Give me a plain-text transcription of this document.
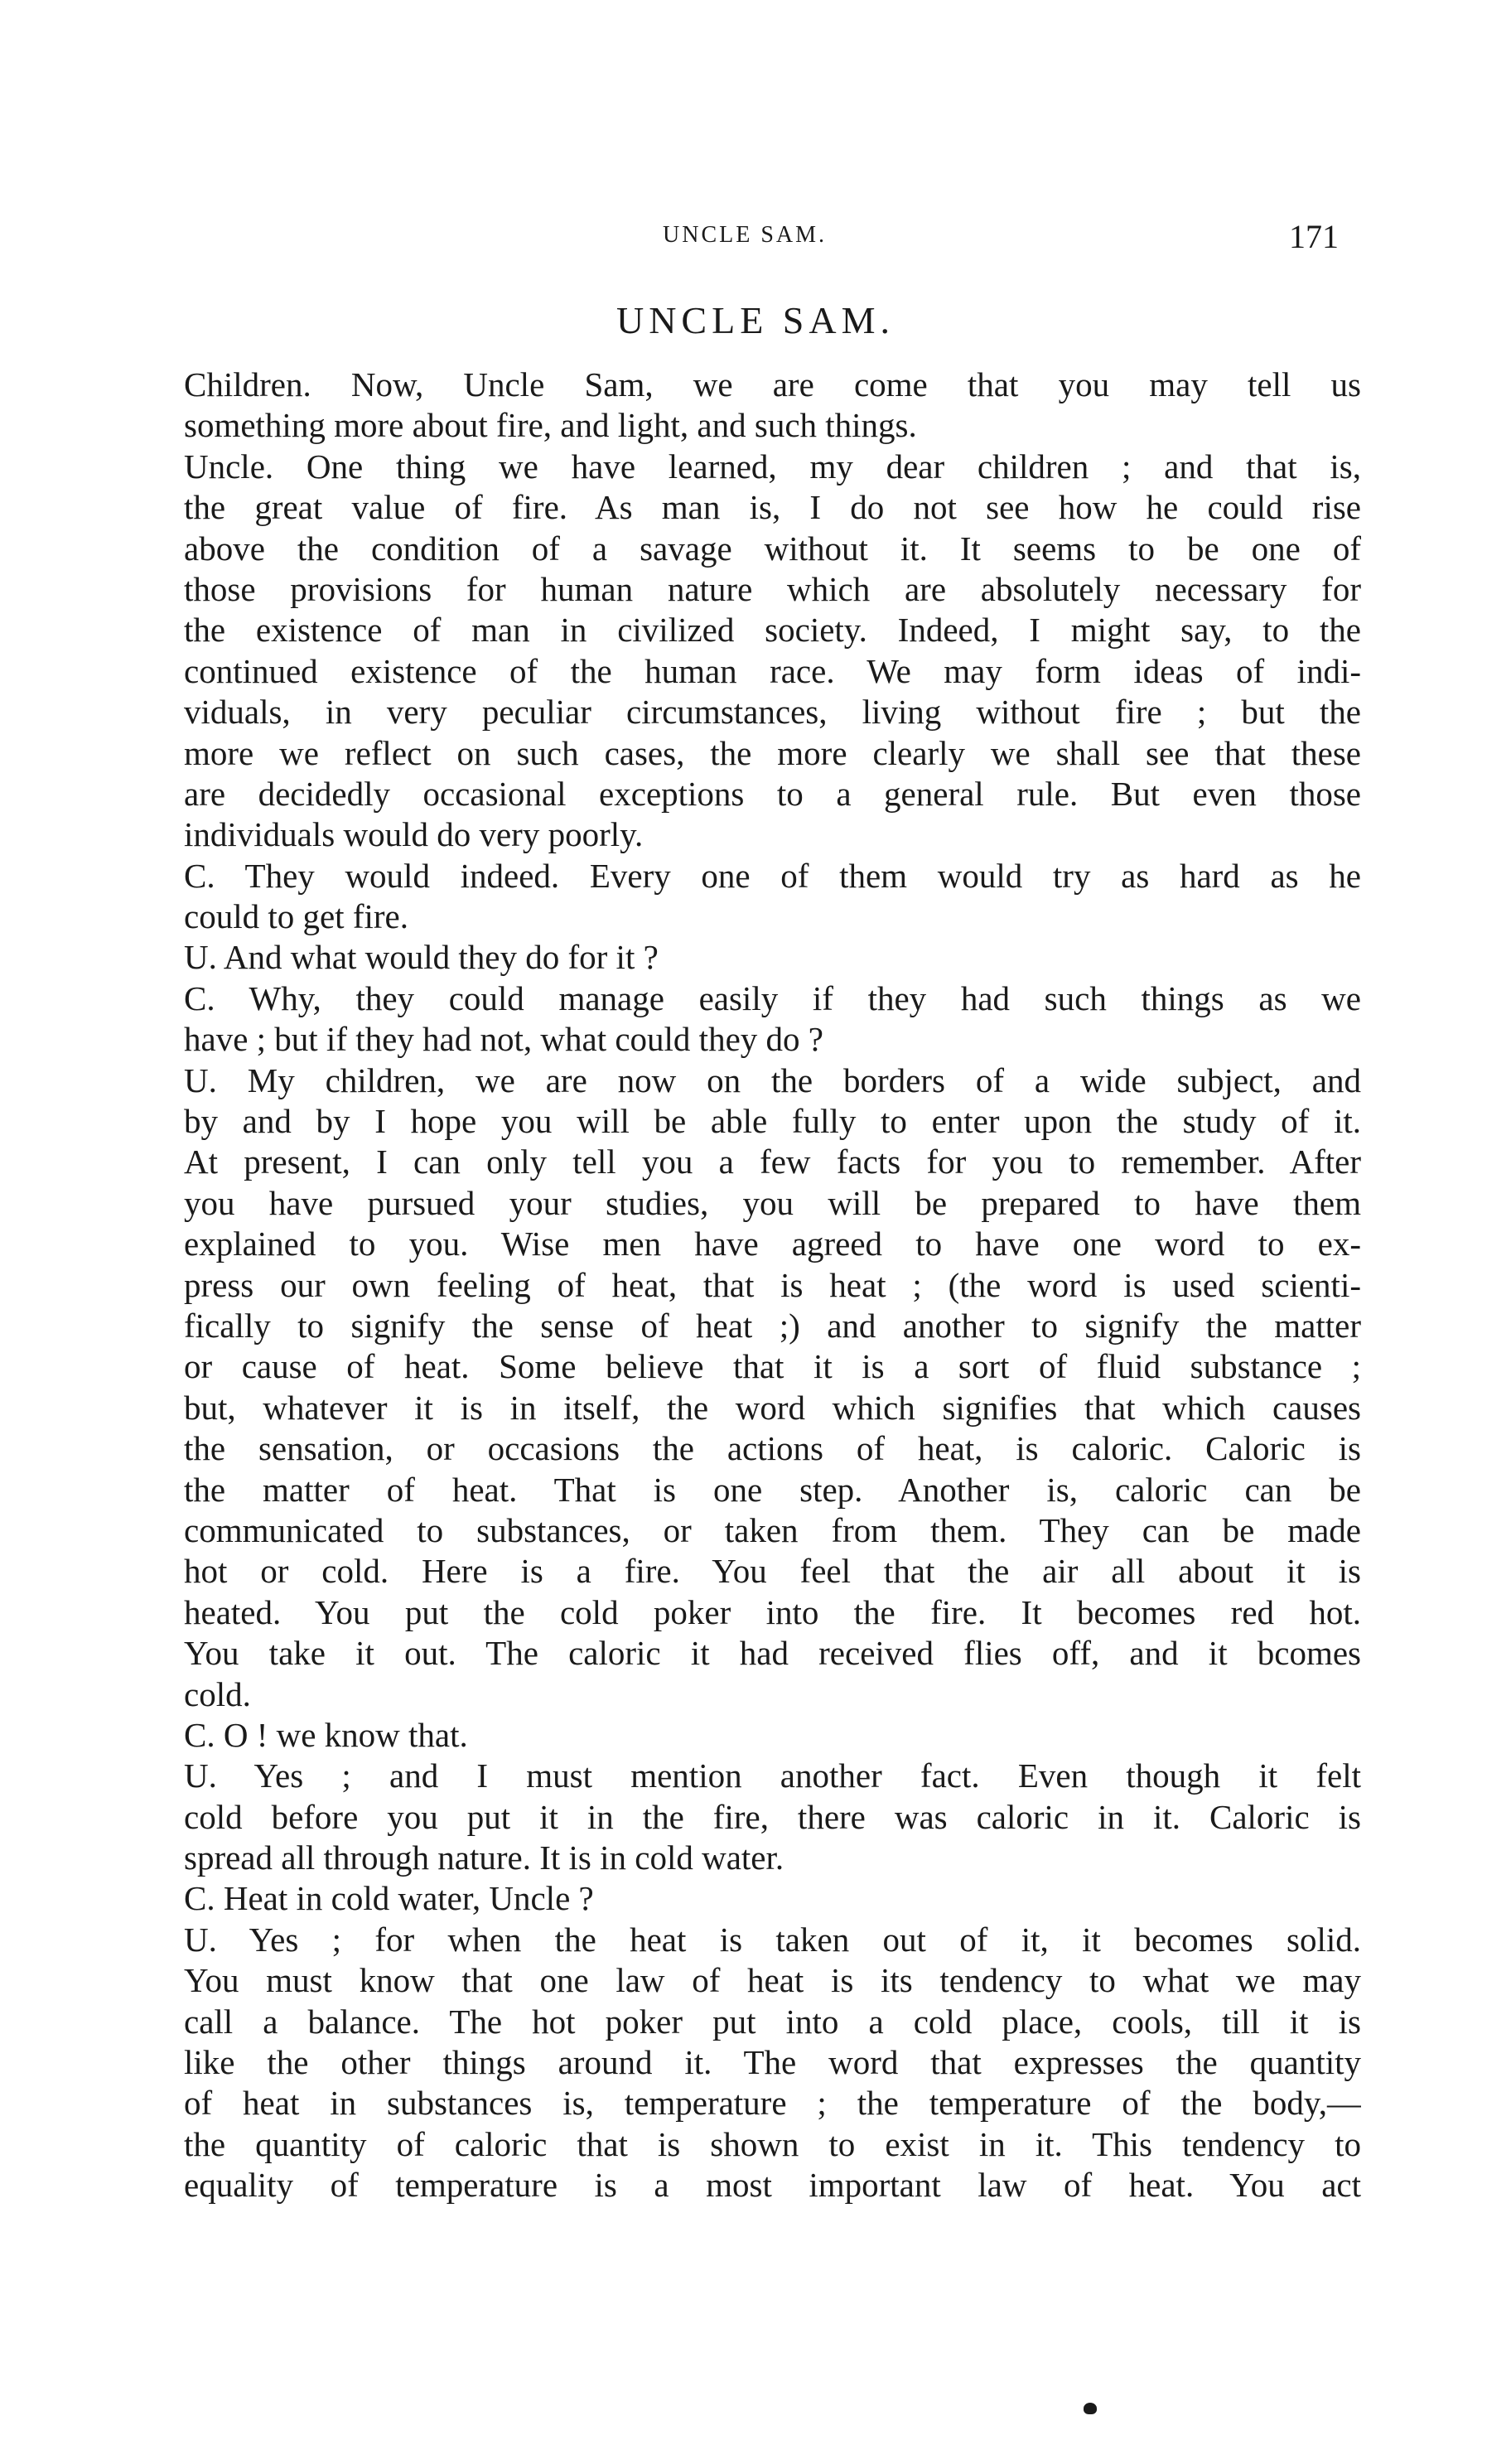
UNCLE SAM.	171
UNCLE SAM.
Children. Now, Uncle Sam, we are come that you may tell us
something more about fire, and light, and such things.
Uncle. One thing we have learned, my dear children ; and that is,
the great value of fire. As man is, I do not see how he could rise
above the condition of a savage without it. It seems to be one of
those provisions for human nature which are absolutely necessary for
the existence of man in civilized society. Indeed, I might say, to the
continued existence of the human race. We may form ideas of indi-
viduals, in very peculiar circumstances, living without fire ; but the
more we reflect on such cases, the more clearly we shall see that these
are decidedly occasional exceptions to a general rule. But even those
individuals would do very poorly.
C. They would indeed. Every one of them would try as hard as he
could to get fire.
U. And what would they do for it ?
C. Why, they could manage easily if they had such things as we
have ; but if they had not, what could they do ?
U. My children, we are now on the borders of a wide subject, and
by and by I hope you will be able fully to enter upon the study of it.
At present, I can only tell you a few facts for you to remember. After
you have pursued your studies, you will be prepared to have them
explained to you. Wise men have agreed to have one word to ex-
press our own feeling of heat, that is heat ; (the word is used scienti-
fically to signify the sense of heat ;) and another to signify the matter
or cause of heat. Some believe that it is a sort of fluid substance ;
but, whatever it is in itself, the word which signifies that which causes
the sensation, or occasions the actions of heat, is caloric. Caloric is
the matter of heat. That is one step. Another is, caloric can be
communicated to substances, or taken from them. They can be made
hot or cold. Here is a fire. You feel that the air all about it is
heated. You put the cold poker into the fire. It becomes red hot.
You take it out. The caloric it had received flies off, and it bcomes
cold.
C. O ! we know that.
U. Yes ; and I must mention another fact. Even though it felt
cold before you put it in the fire, there was caloric in it. Caloric is
spread all through nature. It is in cold water.
C. Heat in cold water, Uncle ?
U. Yes ; for when the heat is taken out of it, it becomes solid.
You must know that one law of heat is its tendency to what we may
call a balance. The hot poker put into a cold place, cools, till it is
like the other things around it. The word that expresses the quantity
of heat in substances is, temperature ; the temperature of the body,—
the quantity of caloric that is shown to exist in it. This tendency to
equality of temperature is a most important law of heat. You act
